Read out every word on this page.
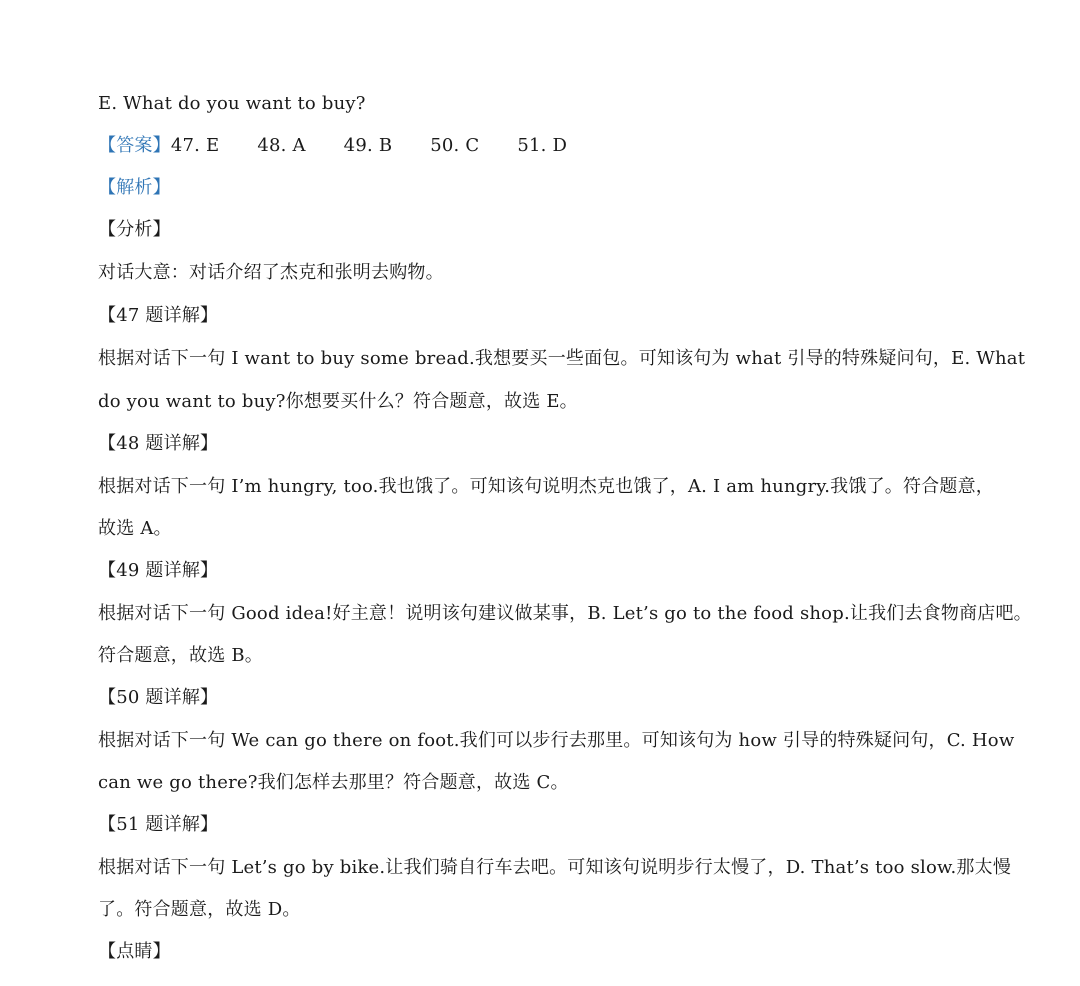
E. What do you want to buy?
【答案】47. E 48. A 49. B 50. C 51. D
【解析】
【分析】
对话大意：对话介绍了杰克和张明去购物。
【47 题详解】
根据对话下一句 I want to buy some bread.我想要买一些面包。可知该句为 what 引导的特殊疑问句，E. What
do you want to buy?你想要买什么？符合题意，故选 E。
【48 题详解】
根据对话下一句 I’m hungry, too.我也饿了。可知该句说明杰克也饿了，A. I am hungry.我饿了。符合题意，
故选 A。
【49 题详解】
根据对话下一句 Good idea!好主意！说明该句建议做某事，B. Let’s go to the food shop.让我们去食物商店吧。
符合题意，故选 B。
【50 题详解】
根据对话下一句 We can go there on foot.我们可以步行去那里。可知该句为 how 引导的特殊疑问句，C. How
can we go there?我们怎样去那里？符合题意，故选 C。
【51 题详解】
根据对话下一句 Let’s go by bike.让我们骑自行车去吧。可知该句说明步行太慢了，D. That’s too slow.那太慢
了。符合题意，故选 D。
【点睛】
